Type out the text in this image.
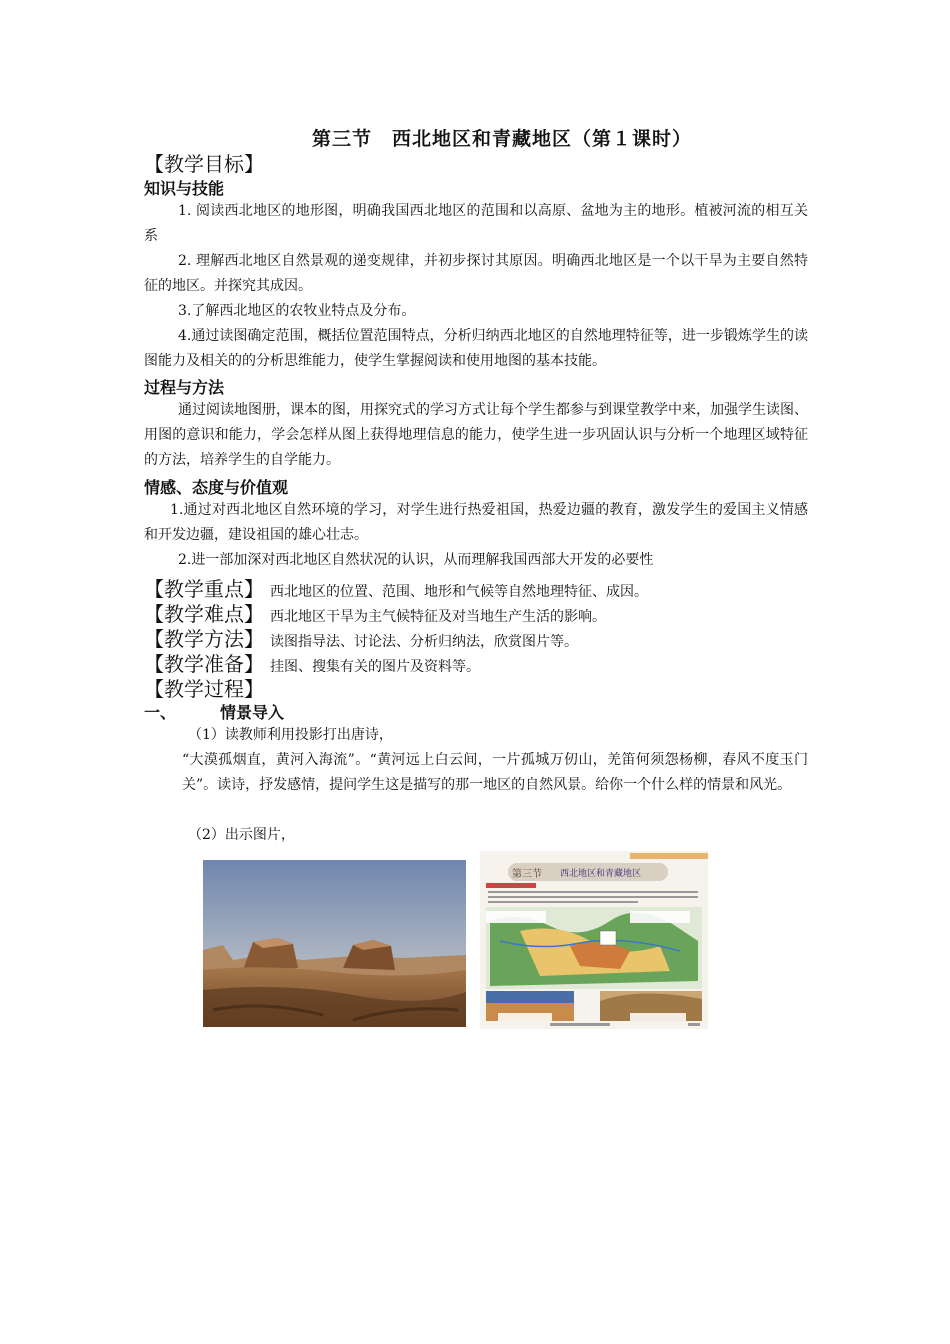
第三节　西北地区和青藏地区（第１课时）
【教学目标】
知识与技能
1. 阅读西北地区的地形图，明确我国西北地区的范围和以高原、盆地为主的地形。植被河流的相互关系
2. 理解西北地区自然景观的递变规律，并初步探讨其原因。明确西北地区是一个以干旱为主要自然特征的地区。并探究其成因。
3.了解西北地区的农牧业特点及分布。
4.通过读图确定范围，概括位置范围特点，分析归纳西北地区的自然地理特征等，进一步锻炼学生的读图能力及相关的的分析思维能力，使学生掌握阅读和使用地图的基本技能。
过程与方法
通过阅读地图册，课本的图，用探究式的学习方式让每个学生都参与到课堂教学中来，加强学生读图、用图的意识和能力，学会怎样从图上获得地理信息的能力，使学生进一步巩固认识与分析一个地理区域特征的方法，培养学生的自学能力。
情感、态度与价值观
1.通过对西北地区自然环境的学习，对学生进行热爱祖国，热爱边疆的教育，激发学生的爱国主义情感和开发边疆，建设祖国的雄心壮志。
2.进一部加深对西北地区自然状况的认识，从而理解我国西部大开发的必要性
【教学重点】 西北地区的位置、范围、地形和气候等自然地理特征、成因。
【教学难点】 西北地区干旱为主气候特征及对当地生产生活的影响。
【教学方法】 读图指导法、讨论法、分析归纳法，欣赏图片等。
【教学准备】 挂图、搜集有关的图片及资料等。
【教学过程】
一、	情景导入
（1）读教师利用投影打出唐诗，
“大漠孤烟直，黄河入海流”。“黄河远上白云间，一片孤城万仞山，羌笛何须怨杨柳，春风不度玉门关”。读诗，抒发感情，提问学生这是描写的那一地区的自然风景。给你一个什么样的情景和风光。
（2）出示图片，
第三节 西北地区和青藏地区
